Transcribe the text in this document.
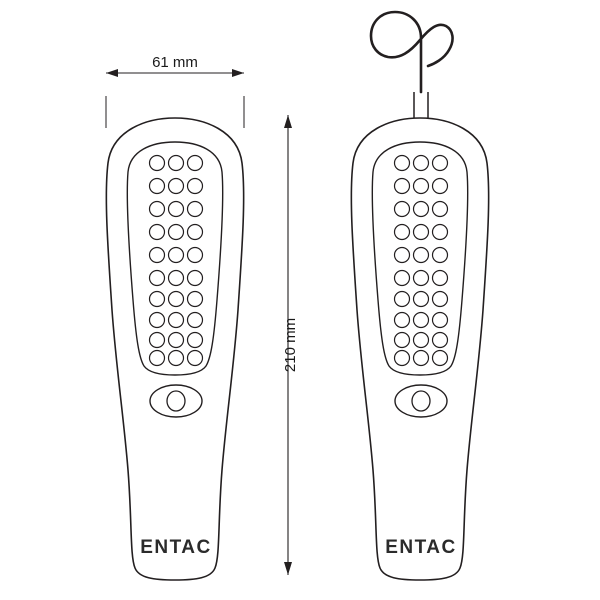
61 mm
210 mm
ENTAC	ENTAC
